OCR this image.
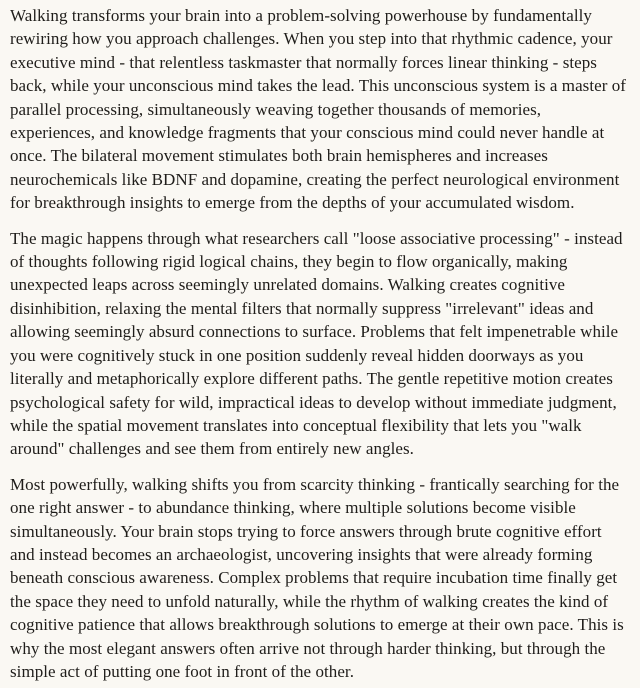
Walking transforms your brain into a problem-solving powerhouse by fundamentally rewiring how you approach challenges. When you step into that rhythmic cadence, your executive mind - that relentless taskmaster that normally forces linear thinking - steps back, while your unconscious mind takes the lead. This unconscious system is a master of parallel processing, simultaneously weaving together thousands of memories, experiences, and knowledge fragments that your conscious mind could never handle at once. The bilateral movement stimulates both brain hemispheres and increases neurochemicals like BDNF and dopamine, creating the perfect neurological environment for breakthrough insights to emerge from the depths of your accumulated wisdom.

The magic happens through what researchers call "loose associative processing" - instead of thoughts following rigid logical chains, they begin to flow organically, making unexpected leaps across seemingly unrelated domains. Walking creates cognitive disinhibition, relaxing the mental filters that normally suppress "irrelevant" ideas and allowing seemingly absurd connections to surface. Problems that felt impenetrable while you were cognitively stuck in one position suddenly reveal hidden doorways as you literally and metaphorically explore different paths. The gentle repetitive motion creates psychological safety for wild, impractical ideas to develop without immediate judgment, while the spatial movement translates into conceptual flexibility that lets you "walk around" challenges and see them from entirely new angles.

Most powerfully, walking shifts you from scarcity thinking - frantically searching for the one right answer - to abundance thinking, where multiple solutions become visible simultaneously. Your brain stops trying to force answers through brute cognitive effort and instead becomes an archaeologist, uncovering insights that were already forming beneath conscious awareness. Complex problems that require incubation time finally get the space they need to unfold naturally, while the rhythm of walking creates the kind of cognitive patience that allows breakthrough solutions to emerge at their own pace. This is why the most elegant answers often arrive not through harder thinking, but through the simple act of putting one foot in front of the other.
